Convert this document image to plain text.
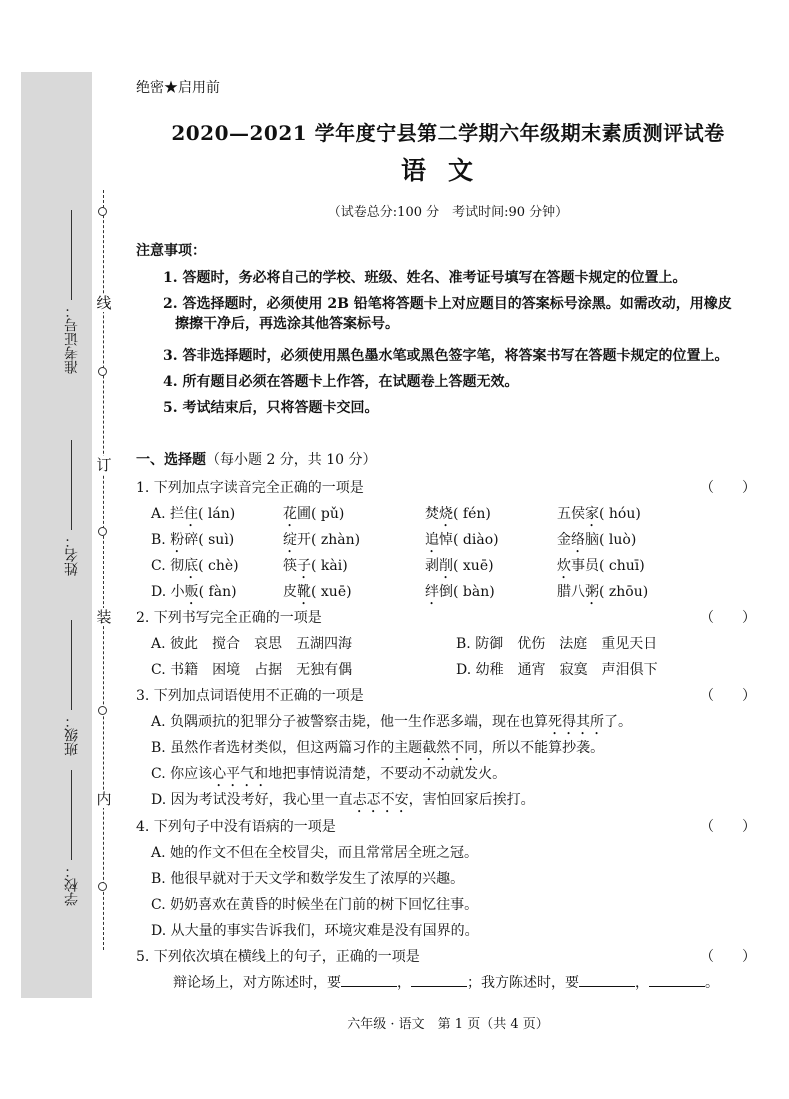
线
订
装
内
准考证号：
姓名：
班级：
学校：
绝密★启用前
2020—2021 学年度宁县第二学期六年级期末素质测评试卷
语文
（试卷总分:100 分　考试时间:90 分钟）
注意事项：
1. 答题时，务必将自己的学校、班级、姓名、准考证号填写在答题卡规定的位置上。
2. 答选择题时，必须使用 2B 铅笔将答题卡上对应题目的答案标号涂黑。如需改动，用橡皮
擦擦干净后，再选涂其他答案标号。
3. 答非选择题时，必须使用黑色墨水笔或黑色签字笔，将答案书写在答题卡规定的位置上。
4. 所有题目必须在答题卡上作答，在试题卷上答题无效。
5. 考试结束后，只将答题卡交回。
一、选择题（每小题 2 分，共 10 分）
1. 下列加点字读音完全正确的一项是	（　　）
A. 拦住( lán)	花圃( pǔ)	焚烧( fén)	五侯家( hóu)
B. 粉碎( suì)	绽开( zhàn)	追悼( diào)	金络脑( luò)
C. 彻底( chè)	筷子( kài)	剥削( xuē)	炊事员( chuī)
D. 小贩( fàn)	皮靴( xuē)	绊倒( bàn)	腊八粥( zhōu)
2. 下列书写完全正确的一项是	（　　）
A. 彼此　搅合　哀思　五湖四海	B. 防御　优伤　法庭　重见天日
C. 书籍　困境　占据　无独有偶	D. 幼稚　通宵　寂寞　声泪俱下
3. 下列加点词语使用不正确的一项是	（　　）
A. 负隅顽抗的犯罪分子被警察击毙，他一生作恶多端，现在也算死得其所了。
B. 虽然作者选材类似，但这两篇习作的主题截然不同，所以不能算抄袭。
C. 你应该心平气和地把事情说清楚，不要动不动就发火。
D. 因为考试没考好，我心里一直忐忑不安，害怕回家后挨打。
4. 下列句子中没有语病的一项是	（　　）
A. 她的作文不但在全校冒尖，而且常常居全班之冠。
B. 他很早就对于天文学和数学发生了浓厚的兴趣。
C. 奶奶喜欢在黄昏的时候坐在门前的树下回忆往事。
D. 从大量的事实告诉我们，环境灾难是没有国界的。
5. 下列依次填在横线上的句子，正确的一项是	（　　）
辩论场上，对方陈述时，要	，	；我方陈述时，要	，	。
六年级 · 语文　第 1 页（共 4 页）
